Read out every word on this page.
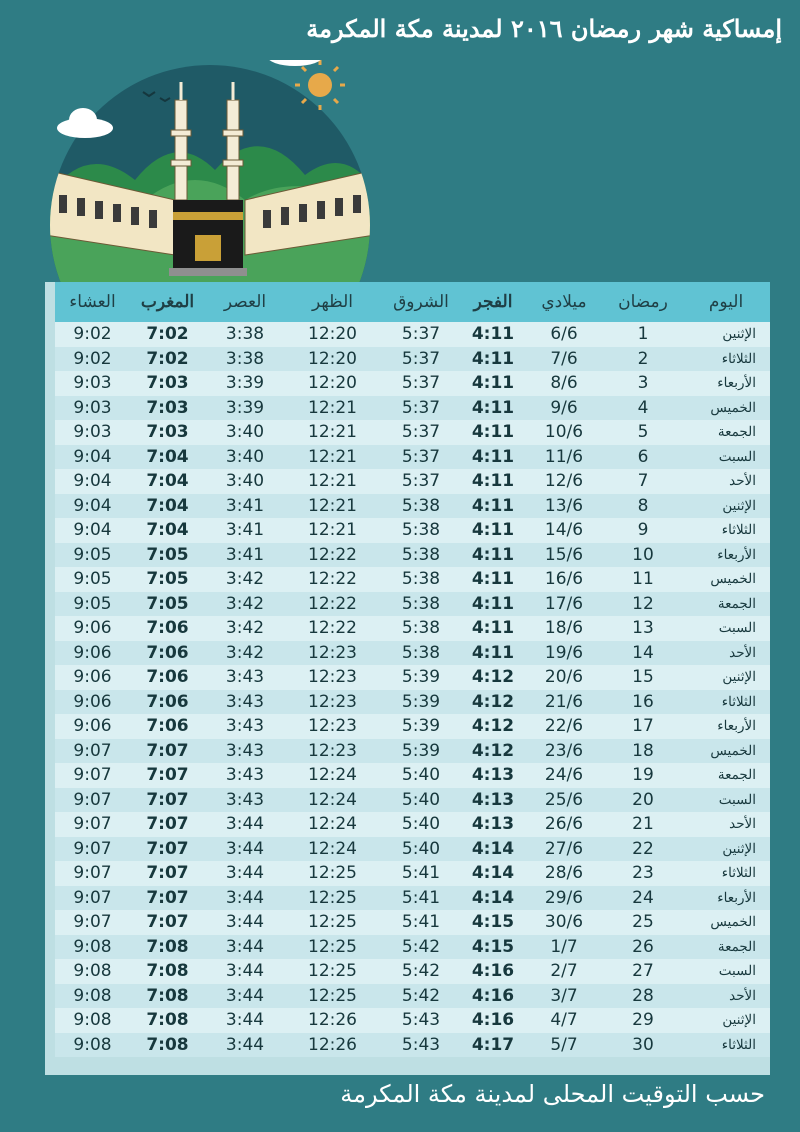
إمساكية شهر رمضان ٢٠١٦ لمدينة مكة المكرمة
العشاء	المغرب	العصر	الظهر	الشروق	الفجر	ميلادي	رمضان	اليوم
9:02	7:02	3:38	12:20	5:37	4:11	6/6	1	الإثنين
9:02	7:02	3:38	12:20	5:37	4:11	7/6	2	الثلاثاء
9:03	7:03	3:39	12:20	5:37	4:11	8/6	3	الأربعاء
9:03	7:03	3:39	12:21	5:37	4:11	9/6	4	الخميس
9:03	7:03	3:40	12:21	5:37	4:11	10/6	5	الجمعة
9:04	7:04	3:40	12:21	5:37	4:11	11/6	6	السبت
9:04	7:04	3:40	12:21	5:37	4:11	12/6	7	الأحد
9:04	7:04	3:41	12:21	5:38	4:11	13/6	8	الإثنين
9:04	7:04	3:41	12:21	5:38	4:11	14/6	9	الثلاثاء
9:05	7:05	3:41	12:22	5:38	4:11	15/6	10	الأربعاء
9:05	7:05	3:42	12:22	5:38	4:11	16/6	11	الخميس
9:05	7:05	3:42	12:22	5:38	4:11	17/6	12	الجمعة
9:06	7:06	3:42	12:22	5:38	4:11	18/6	13	السبت
9:06	7:06	3:42	12:23	5:38	4:11	19/6	14	الأحد
9:06	7:06	3:43	12:23	5:39	4:12	20/6	15	الإثنين
9:06	7:06	3:43	12:23	5:39	4:12	21/6	16	الثلاثاء
9:06	7:06	3:43	12:23	5:39	4:12	22/6	17	الأربعاء
9:07	7:07	3:43	12:23	5:39	4:12	23/6	18	الخميس
9:07	7:07	3:43	12:24	5:40	4:13	24/6	19	الجمعة
9:07	7:07	3:43	12:24	5:40	4:13	25/6	20	السبت
9:07	7:07	3:44	12:24	5:40	4:13	26/6	21	الأحد
9:07	7:07	3:44	12:24	5:40	4:14	27/6	22	الإثنين
9:07	7:07	3:44	12:25	5:41	4:14	28/6	23	الثلاثاء
9:07	7:07	3:44	12:25	5:41	4:14	29/6	24	الأربعاء
9:07	7:07	3:44	12:25	5:41	4:15	30/6	25	الخميس
9:08	7:08	3:44	12:25	5:42	4:15	1/7	26	الجمعة
9:08	7:08	3:44	12:25	5:42	4:16	2/7	27	السبت
9:08	7:08	3:44	12:25	5:42	4:16	3/7	28	الأحد
9:08	7:08	3:44	12:26	5:43	4:16	4/7	29	الإثنين
9:08	7:08	3:44	12:26	5:43	4:17	5/7	30	الثلاثاء
حسب التوقيت المحلى لمدينة مكة المكرمة
